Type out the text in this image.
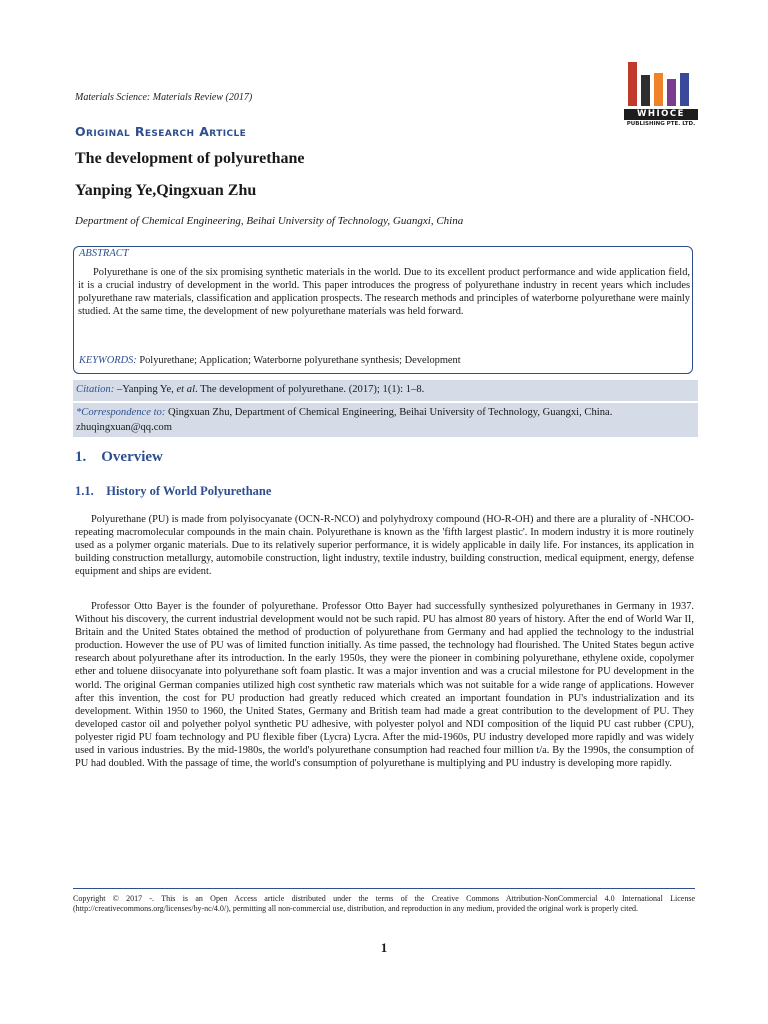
Materials Science: Materials Review (2017)
WHIOCE
PUBLISHING PTE. LTD.
Original Research Article
The development of polyurethane
Yanping Ye,Qingxuan Zhu
Department of Chemical Engineering, Beihai University of Technology, Guangxi, China
ABSTRACT
Polyurethane is one of the six promising synthetic materials in the world. Due to its excellent product performance and wide application field, it is a crucial industry of development in the world. This paper introduces the progress of polyurethane industry in recent years which includes polyurethane raw materials, classification and application prospects. The research methods and principles of waterborne polyurethane were mainly studied. At the same time, the development of new polyurethane materials was held forward.
KEYWORDS: Polyurethane; Application; Waterborne polyurethane synthesis; Development
Citation: –Yanping Ye, et al. The development of polyurethane. (2017); 1(1): 1–8.
*Correspondence to: Qingxuan Zhu, Department of Chemical Engineering, Beihai University of Technology, Guangxi, China. zhuqingxuan@qq.com
1.    Overview
1.1.    History of World Polyurethane
Polyurethane (PU) is made from polyisocyanate (OCN-R-NCO) and polyhydroxy compound (HO-R-OH) and there are a plurality of -NHCOO-repeating macromolecular compounds in the main chain. Polyurethane is known as the 'fifth largest plastic'. In modern industry it is more routinely used as a polymer organic materials. Due to its relatively superior performance, it is widely applicable in daily life. For instances, its application in building construction metallurgy, automobile construction, light industry, textile industry, building construction, medical equipment, energy, defense equipment and ships are evident.
Professor Otto Bayer is the founder of polyurethane. Professor Otto Bayer had successfully synthesized polyurethanes in Germany in 1937. Without his discovery, the current industrial development would not be such rapid. PU has almost 80 years of history. After the end of World War II, Britain and the United States obtained the method of production of polyurethane from Germany and had applied the technology to the industrial production. However the use of PU was of limited function initially. As time passed, the technology had flourished. The United States begun active research about polyurethane after its introduction. In the early 1950s, they were the pioneer in combining polyurethane, ethylene oxide, copolymer ether and toluene diisocyanate into polyurethane soft foam plastic. It was a major invention and was a crucial milestone for PU development in the world. The original German companies utilized high cost synthetic raw materials which was not suitable for a wide range of applications. However after this invention, the cost for PU production had greatly reduced which created an important foundation in PU's industrialization and its development. Within 1950 to 1960, the United States, Germany and British team had made a great contribution to the development of PU. They developed castor oil and polyether polyol synthetic PU adhesive, with polyester polyol and NDI composition of the liquid PU cast rubber (CPU), polyester rigid PU foam technology and PU flexible fiber (Lycra) Lycra. After the mid-1960s, PU industry developed more rapidly and was widely used in various industries. By the mid-1980s, the world's polyurethane consumption had reached four million t/a. By the 1990s, the consumption of PU had doubled. With the passage of time, the world's consumption of polyurethane is multiplying and PU industry is developing more rapidly.
Copyright © 2017 -. This is an Open Access article distributed under the terms of the Creative Commons Attribution-NonCommercial 4.0 International License (http://creativecommons.org/licenses/by-nc/4.0/), permitting all non-commercial use, distribution, and reproduction in any medium, provided the original work is properly cited.
1
